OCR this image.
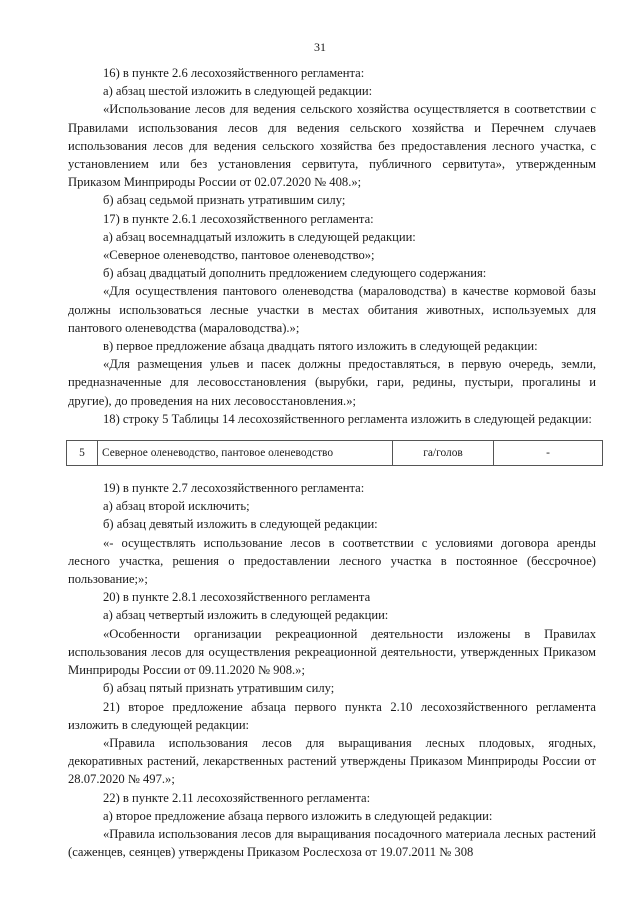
31

16) в пункте 2.6 лесохозяйственного регламента:

а) абзац шестой изложить в следующей редакции:

«Использование лесов для ведения сельского хозяйства осуществляется в соответствии с Правилами использования лесов для ведения сельского хозяйства и Перечнем случаев использования лесов для ведения сельского хозяйства без предоставления лесного участка, с установлением или без установления сервитута, публичного сервитута», утвержденным Приказом Минприроды России от 02.07.2020 № 408.»;

б) абзац седьмой признать утратившим силу;

17) в пункте 2.6.1 лесохозяйственного регламента:

а) абзац восемнадцатый изложить в следующей редакции:

«Северное оленеводство, пантовое оленеводство»;

б) абзац двадцатый дополнить предложением следующего содержания:

«Для осуществления пантового оленеводства (мараловодства) в качестве кормовой базы должны использоваться лесные участки в местах обитания животных, используемых для пантового оленеводства (мараловодства).»;

в) первое предложение абзаца двадцать пятого изложить в следующей редакции:

«Для размещения ульев и пасек должны предоставляться, в первую очередь, земли, предназначенные для лесовосстановления (вырубки, гари, редины, пустыри, прогалины и другие), до проведения на них лесовосстановления.»;

18) строку 5 Таблицы 14 лесохозяйственного регламента изложить в следующей редакции:

5	Северное оленеводство, пантовое оленеводство	га/голов	-

19) в пункте 2.7 лесохозяйственного регламента:

а) абзац второй исключить;

б) абзац девятый изложить в следующей редакции:

«- осуществлять использование лесов в соответствии с условиями договора аренды лесного участка, решения о предоставлении лесного участка в постоянное (бессрочное) пользование;»;

20) в пункте 2.8.1 лесохозяйственного регламента

а) абзац четвертый изложить в следующей редакции:

«Особенности организации рекреационной деятельности изложены в Правилах использования лесов для осуществления рекреационной деятельности, утвержденных Приказом Минприроды России от 09.11.2020 № 908.»;

б) абзац пятый признать утратившим силу;

21) второе предложение абзаца первого пункта 2.10 лесохозяйственного регламента изложить в следующей редакции:

«Правила использования лесов для выращивания лесных плодовых, ягодных, декоративных растений, лекарственных растений утверждены Приказом Минприроды России от 28.07.2020 № 497.»;

22) в пункте 2.11 лесохозяйственного регламента:

а) второе предложение абзаца первого изложить в следующей редакции:

«Правила использования лесов для выращивания посадочного материала лесных растений (саженцев, сеянцев) утверждены Приказом Рослесхоза от 19.07.2011 № 308
